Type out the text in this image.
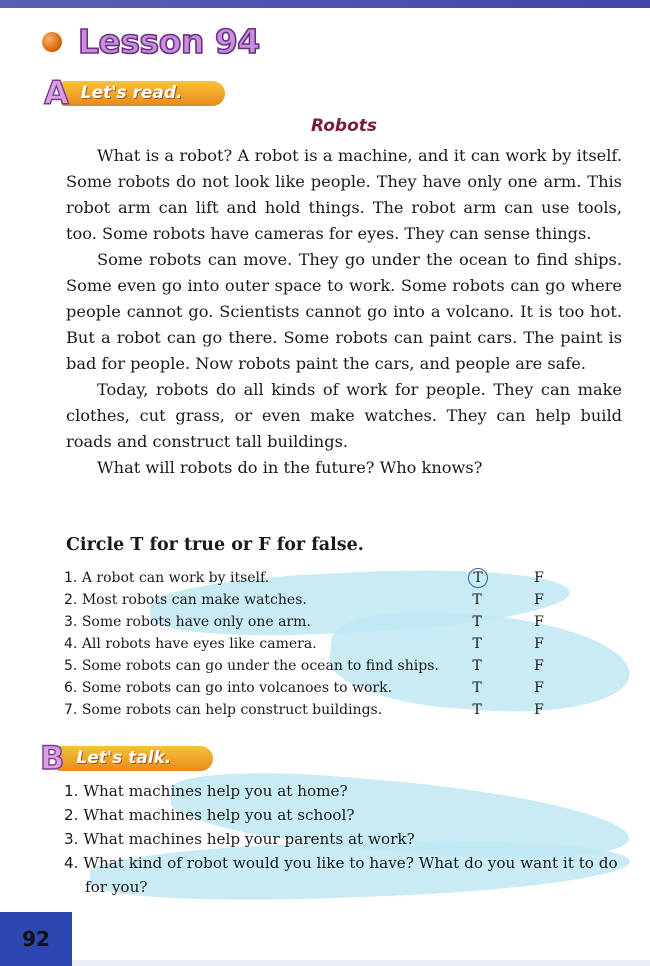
Lesson 94
A Let's read.
Robots

What is a robot? A robot is a machine, and it can work by itself. Some robots do not look like people. They have only one arm. This robot arm can lift and hold things. The robot arm can use tools, too. Some robots have cameras for eyes. They can sense things.

Some robots can move. They go under the ocean to find ships. Some even go into outer space to work. Some robots can go where people cannot go. Scientists cannot go into a volcano. It is too hot. But a robot can go there. Some robots can paint cars. The paint is bad for people. Now robots paint the cars, and people are safe.

Today, robots do all kinds of work for people. They can make clothes, cut grass, or even make watches. They can help build roads and construct tall buildings.

What will robots do in the future? Who knows?

Circle T for true or F for false.
1. A robot can work by itself.	T	F
2. Most robots can make watches.	T	F
3. Some robots have only one arm.	T	F
4. All robots have eyes like camera.	T	F
5. Some robots can go under the ocean to find ships.	T	F
6. Some robots can go into volcanoes to work.	T	F
7. Some robots can help construct buildings.	T	F
B Let's talk.
1. What machines help you at home?
2. What machines help you at school?
3. What machines help your parents at work?
4. What kind of robot would you like to have? What do you want it to do for you?
92
